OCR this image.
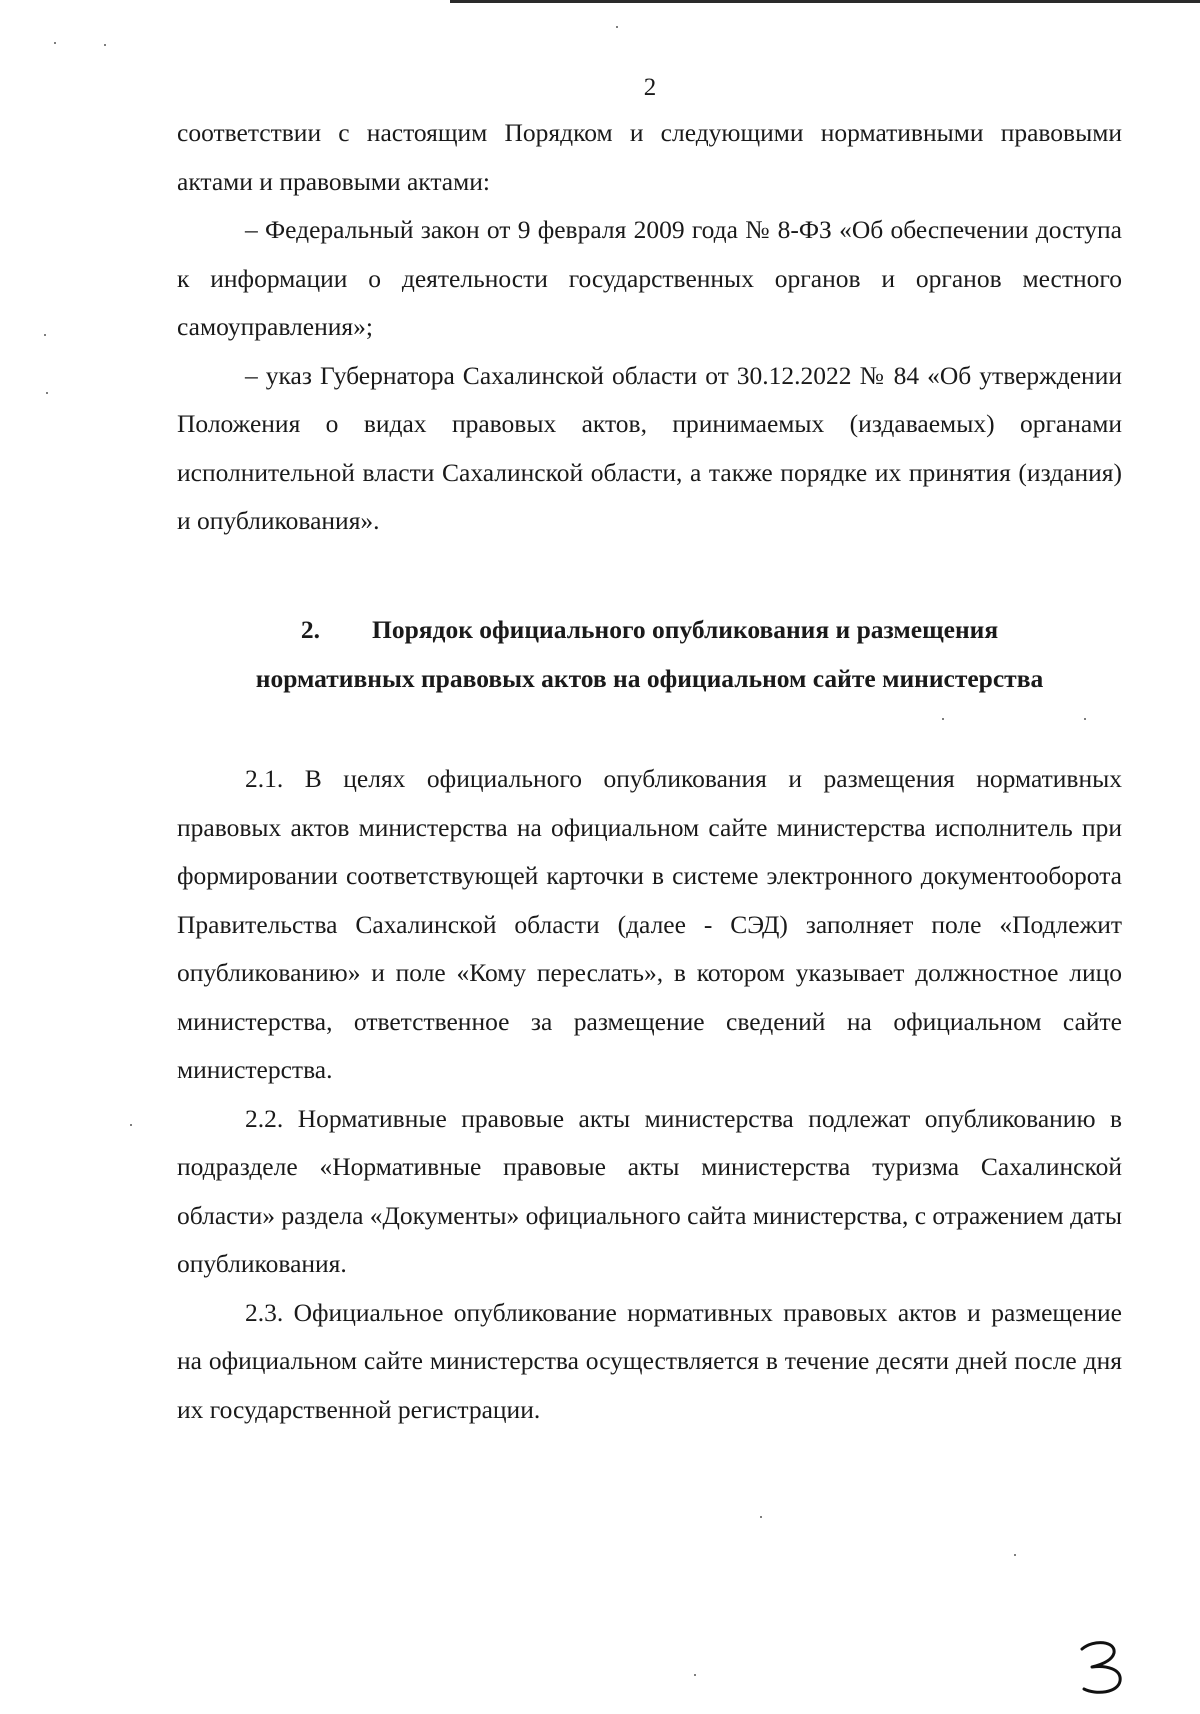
2

соответствии с настоящим Порядком и следующими нормативными правовыми актами и правовыми актами:

– Федеральный закон от 9 февраля 2009 года № 8-ФЗ «Об обеспечении доступа к информации о деятельности государственных органов и органов местного самоуправления»;

– указ Губернатора Сахалинской области от 30.12.2022 № 84 «Об утверждении Положения о видах правовых актов, принимаемых (издаваемых) органами исполнительной власти Сахалинской области, а также порядке их принятия (издания) и опубликования».

2. Порядок официального опубликования и размещения
нормативных правовых актов на официальном сайте министерства

2.1. В целях официального опубликования и размещения нормативных правовых актов министерства на официальном сайте министерства исполнитель при формировании соответствующей карточки в системе электронного документооборота Правительства Сахалинской области (далее - СЭД) заполняет поле «Подлежит опубликованию» и поле «Кому переслать», в котором указывает должностное лицо министерства, ответственное за размещение сведений на официальном сайте министерства.

2.2. Нормативные правовые акты министерства подлежат опубликованию в подразделе «Нормативные правовые акты министерства туризма Сахалинской области» раздела «Документы» официального сайта министерства, с отражением даты опубликования.

2.3. Официальное опубликование нормативных правовых актов и размещение на официальном сайте министерства осуществляется в течение десяти дней после дня их государственной регистрации.
